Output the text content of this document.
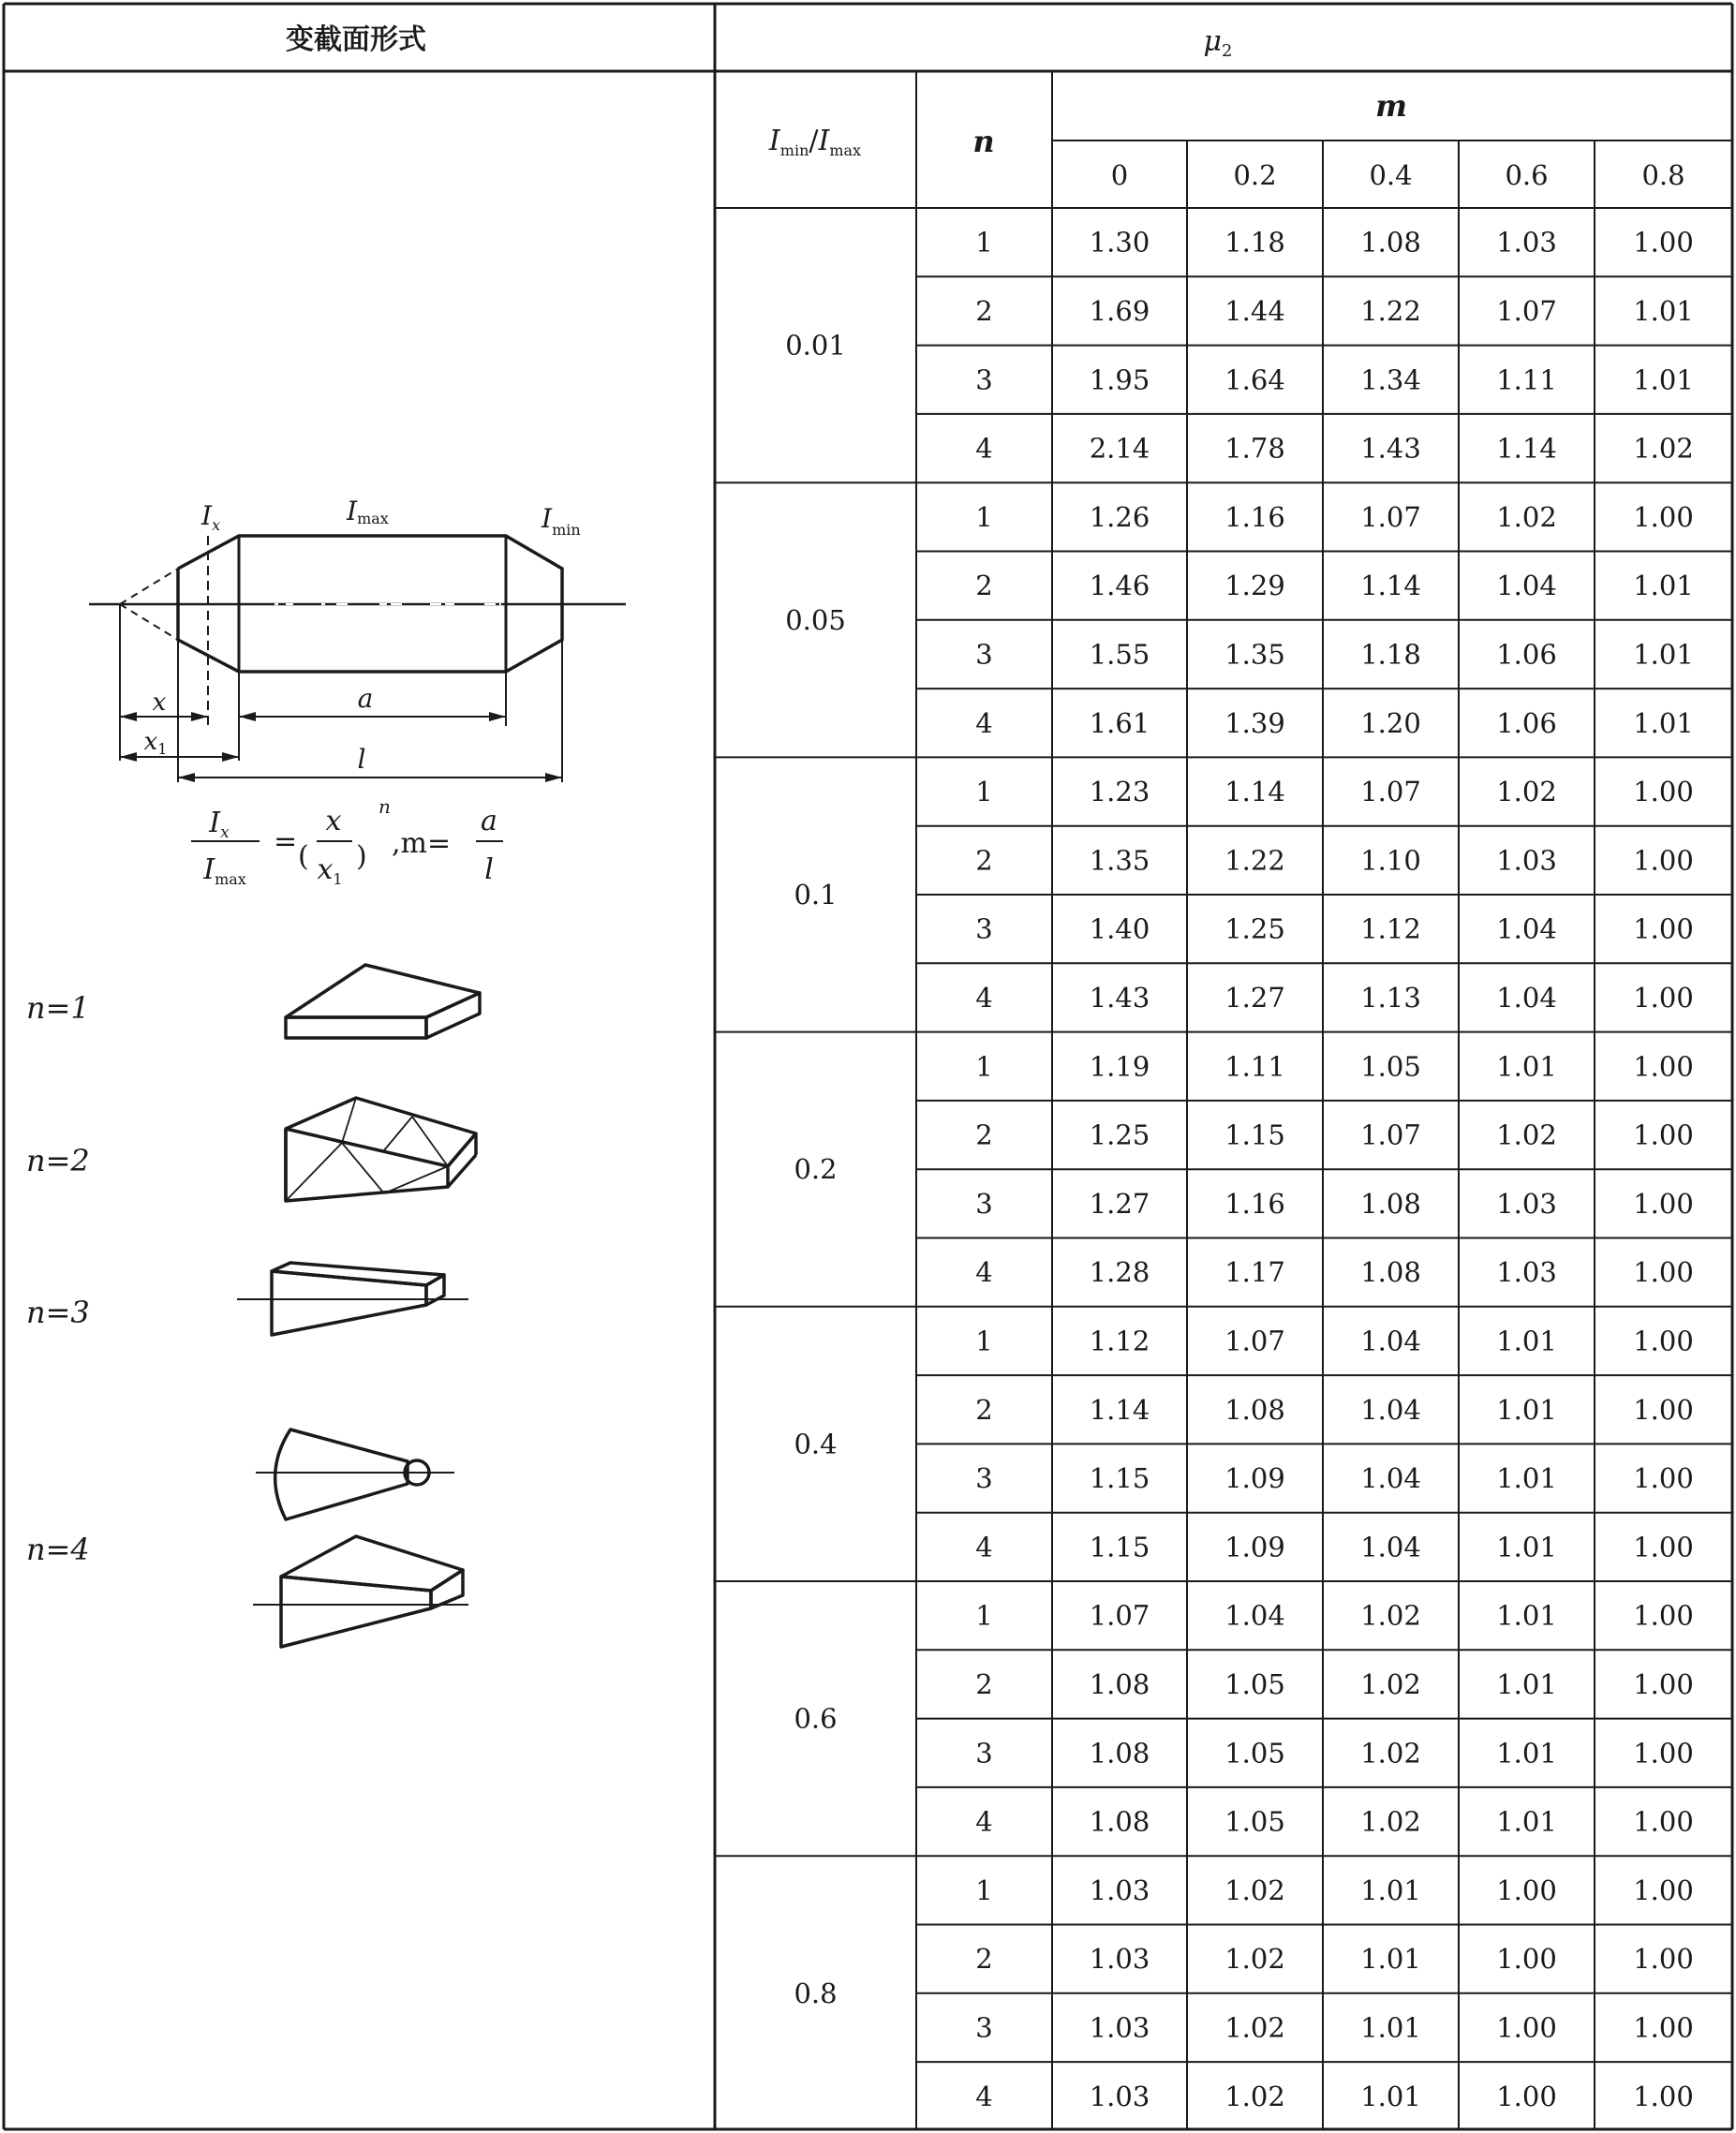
变截面形式	$\mu_2$
$I_{min}/I_{max}$	n
m
0	0.2	0.4	0.6	0.8
0.01
1	1.30	1.18	1.08	1.03	1.00
2	1.69	1.44	1.22	1.07	1.01
3	1.95	1.64	1.34	1.11	1.01
4	2.14	1.78	1.43	1.14	1.02
0.05
1	1.26	1.16	1.07	1.02	1.00
2	1.46	1.29	1.14	1.04	1.01
3	1.55	1.35	1.18	1.06	1.01
4	1.61	1.39	1.20	1.06	1.01
0.1
1	1.23	1.14	1.07	1.02	1.00
2	1.35	1.22	1.10	1.03	1.00
3	1.40	1.25	1.12	1.04	1.00
4	1.43	1.27	1.13	1.04	1.00
0.2
1	1.19	1.11	1.05	1.01	1.00
2	1.25	1.15	1.07	1.02	1.00
3	1.27	1.16	1.08	1.03	1.00
4	1.28	1.17	1.08	1.03	1.00
0.4
1	1.12	1.07	1.04	1.01	1.00
2	1.14	1.08	1.04	1.01	1.00
3	1.15	1.09	1.04	1.01	1.00
4	1.15	1.09	1.04	1.01	1.00
0.6
1	1.07	1.04	1.02	1.01	1.00
2	1.08	1.05	1.02	1.01	1.00
3	1.08	1.05	1.02	1.01	1.00
4	1.08	1.05	1.02	1.01	1.00
0.8
1	1.03	1.02	1.01	1.00	1.00
2	1.03	1.02	1.01	1.00	1.00
3	1.03	1.02	1.01	1.00	1.00
4	1.03	1.02	1.01	1.00	1.00
$I_x$	Imax	$I_{min}$
x	a
x1	l
$I_x$
$I_{max}$
= (
x
$x_1$
)
n
,m=
a
l
n=1
n=2
n=3
n=4
